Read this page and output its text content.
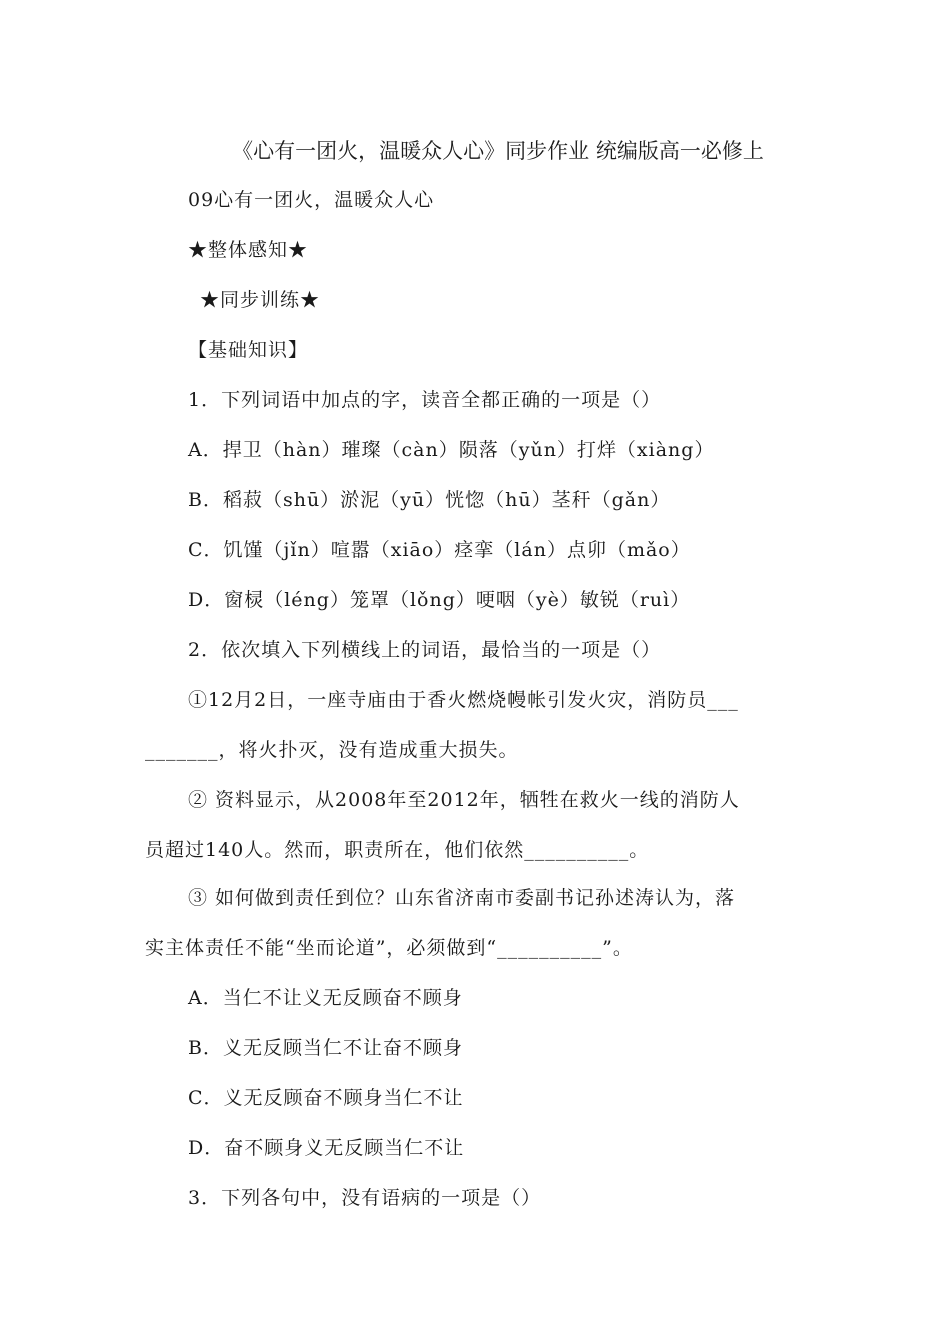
《心有一团火，温暖众人心》同步作业 统编版高一必修上
09心有一团火，温暖众人心
★整体感知★
★同步训练★
【基础知识】
1．下列词语中加点的字，读音全都正确的一项是（）
A．捍卫（hàn）璀璨（càn）陨落（yǔn）打烊（xiàng）
B．稻菽（shū）淤泥（yū）恍惚（hū）茎秆（gǎn）
C．饥馑（jǐn）喧嚣（xiāo）痉挛（lán）点卯（mǎo）
D．窗棂（léng）笼罩（lǒng）哽咽（yè）敏锐（ruì）
2．依次填入下列横线上的词语，最恰当的一项是（）
①12月2日，一座寺庙由于香火燃烧幔帐引发火灾，消防员___
_______，将火扑灭，没有造成重大损失。
② 资料显示，从2008年至2012年，牺牲在救火一线的消防人
员超过140人。然而，职责所在，他们依然__________。
③ 如何做到责任到位？山东省济南市委副书记孙述涛认为，落
实主体责任不能“坐而论道”，必须做到“__________”。
A．当仁不让义无反顾奋不顾身
B．义无反顾当仁不让奋不顾身
C．义无反顾奋不顾身当仁不让
D．奋不顾身义无反顾当仁不让
3．下列各句中，没有语病的一项是（）
